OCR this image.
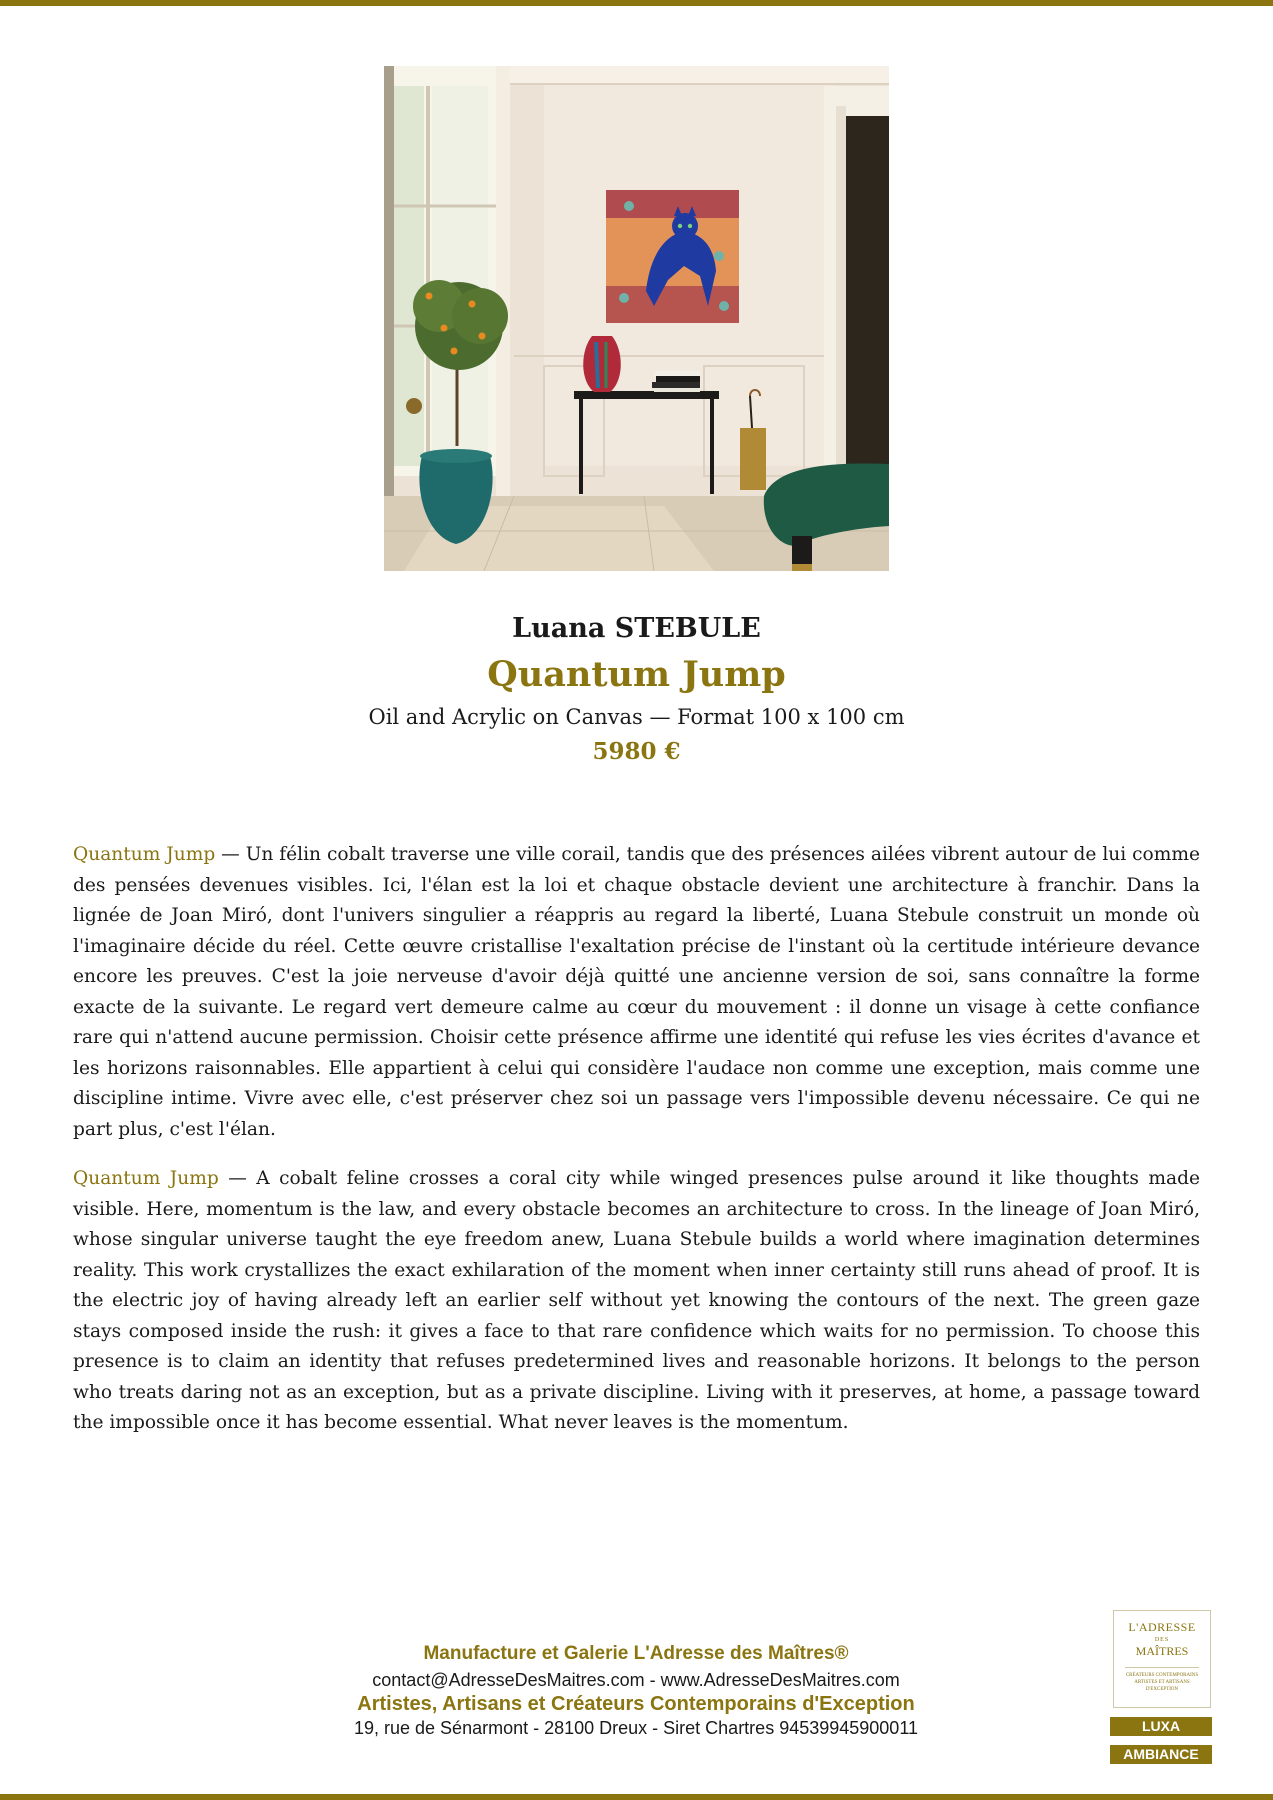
Luana STEBULE
Quantum Jump
Oil and Acrylic on Canvas — Format 100 x 100 cm
5980 €

Quantum Jump — Un félin cobalt traverse une ville corail, tandis que des présences ailées vibrent autour de lui comme des pensées devenues visibles. Ici, l'élan est la loi et chaque obstacle devient une architecture à franchir. Dans la lignée de Joan Miró, dont l'univers singulier a réappris au regard la liberté, Luana Stebule construit un monde où l'imaginaire décide du réel. Cette œuvre cristallise l'exaltation précise de l'instant où la certitude intérieure devance encore les preuves. C'est la joie nerveuse d'avoir déjà quitté une ancienne version de soi, sans connaître la forme exacte de la suivante. Le regard vert demeure calme au cœur du mouvement : il donne un visage à cette confiance rare qui n'attend aucune permission. Choisir cette présence affirme une identité qui refuse les vies écrites d'avance et les horizons raisonnables. Elle appartient à celui qui considère l'audace non comme une exception, mais comme une discipline intime. Vivre avec elle, c'est préserver chez soi un passage vers l'impossible devenu nécessaire. Ce qui ne part plus, c'est l'élan.

Quantum Jump — A cobalt feline crosses a coral city while winged presences pulse around it like thoughts made visible. Here, momentum is the law, and every obstacle becomes an architecture to cross. In the lineage of Joan Miró, whose singular universe taught the eye freedom anew, Luana Stebule builds a world where imagination determines reality. This work crystallizes the exact exhilaration of the moment when inner certainty still runs ahead of proof. It is the electric joy of having already left an earlier self without yet knowing the contours of the next. The green gaze stays composed inside the rush: it gives a face to that rare confidence which waits for no permission. To choose this presence is to claim an identity that refuses predetermined lives and reasonable horizons. It belongs to the person who treats daring not as an exception, but as a private discipline. Living with it preserves, at home, a passage toward the impossible once it has become essential. What never leaves is the momentum.

Manufacture et Galerie L'Adresse des Maîtres®
contact@AdresseDesMaitres.com - www.AdresseDesMaitres.com
Artistes, Artisans et Créateurs Contemporains d'Exception
19, rue de Sénarmont - 28100 Dreux - Siret Chartres 94539945900011
L'ADRESSE
DES
MAÎTRES
CRÉATEURS CONTEMPORAINS ARTISTES ET ARTISANS D'EXCEPTION
LUXA
AMBIANCE
